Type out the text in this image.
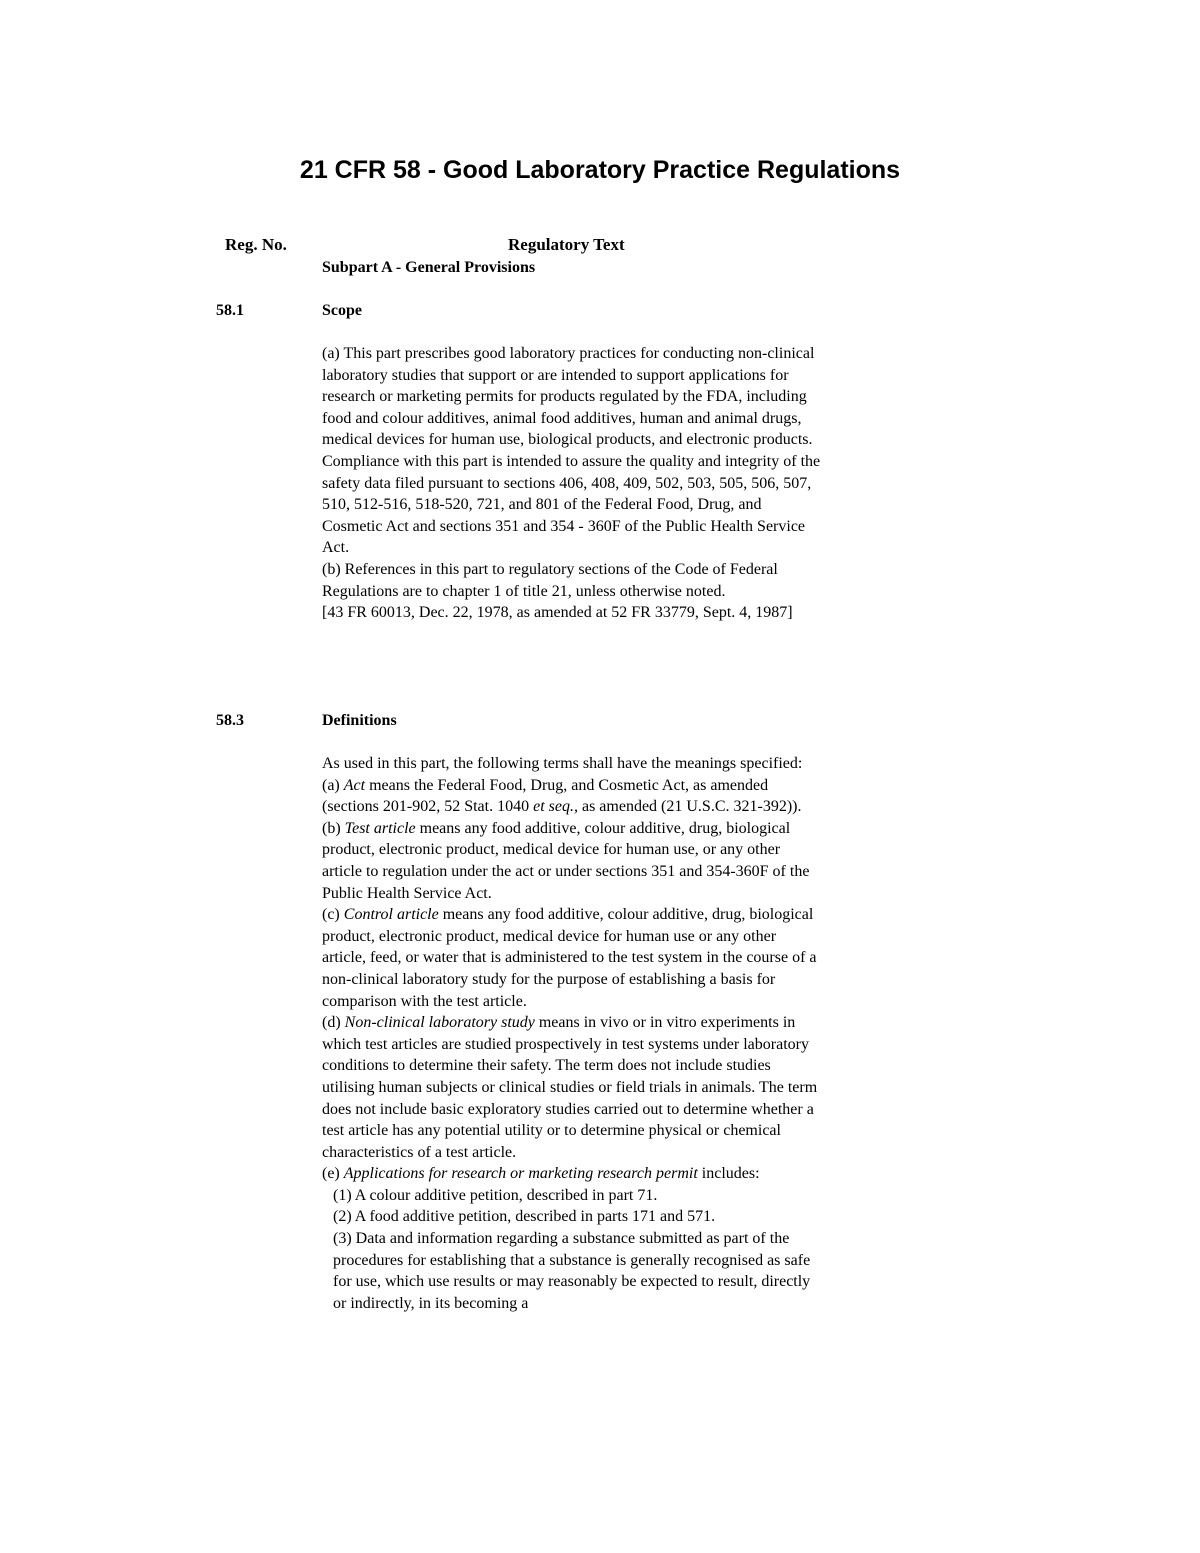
21 CFR 58 - Good Laboratory Practice Regulations
Reg. No.	Regulatory Text
Subpart A - General Provisions
58.1	Scope

(a) This part prescribes good laboratory practices for conducting non-clinical laboratory studies that support or are intended to support applications for research or marketing permits for products regulated by the FDA, including food and colour additives, animal food additives, human and animal drugs, medical devices for human use, biological products, and electronic products. Compliance with this part is intended to assure the quality and integrity of the safety data filed pursuant to sections 406, 408, 409, 502, 503, 505, 506, 507, 510, 512-516, 518-520, 721, and 801 of the Federal Food, Drug, and Cosmetic Act and sections 351 and 354 - 360F of the Public Health Service Act.

(b) References in this part to regulatory sections of the Code of Federal Regulations are to chapter 1 of title 21, unless otherwise noted.

[43 FR 60013, Dec. 22, 1978, as amended at 52 FR 33779, Sept. 4, 1987]

58.3	Definitions

As used in this part, the following terms shall have the meanings specified:

(a) Act means the Federal Food, Drug, and Cosmetic Act, as amended (sections 201-902, 52 Stat. 1040 et seq., as amended (21 U.S.C. 321-392)).

(b) Test article means any food additive, colour additive, drug, biological product, electronic product, medical device for human use, or any other article to regulation under the act or under sections 351 and 354-360F of the Public Health Service Act.

(c) Control article means any food additive, colour additive, drug, biological product, electronic product, medical device for human use or any other article, feed, or water that is administered to the test system in the course of a non-clinical laboratory study for the purpose of establishing a basis for comparison with the test article.

(d) Non-clinical laboratory study means in vivo or in vitro experiments in which test articles are studied prospectively in test systems under laboratory conditions to determine their safety. The term does not include studies utilising human subjects or clinical studies or field trials in animals. The term does not include basic exploratory studies carried out to determine whether a test article has any potential utility or to determine physical or chemical characteristics of a test article.

(e) Applications for research or marketing research permit includes:

(1) A colour additive petition, described in part 71.

(2) A food additive petition, described in parts 171 and 571.

(3) Data and information regarding a substance submitted as part of the procedures for establishing that a substance is generally recognised as safe for use, which use results or may reasonably be expected to result, directly or indirectly, in its becoming a
